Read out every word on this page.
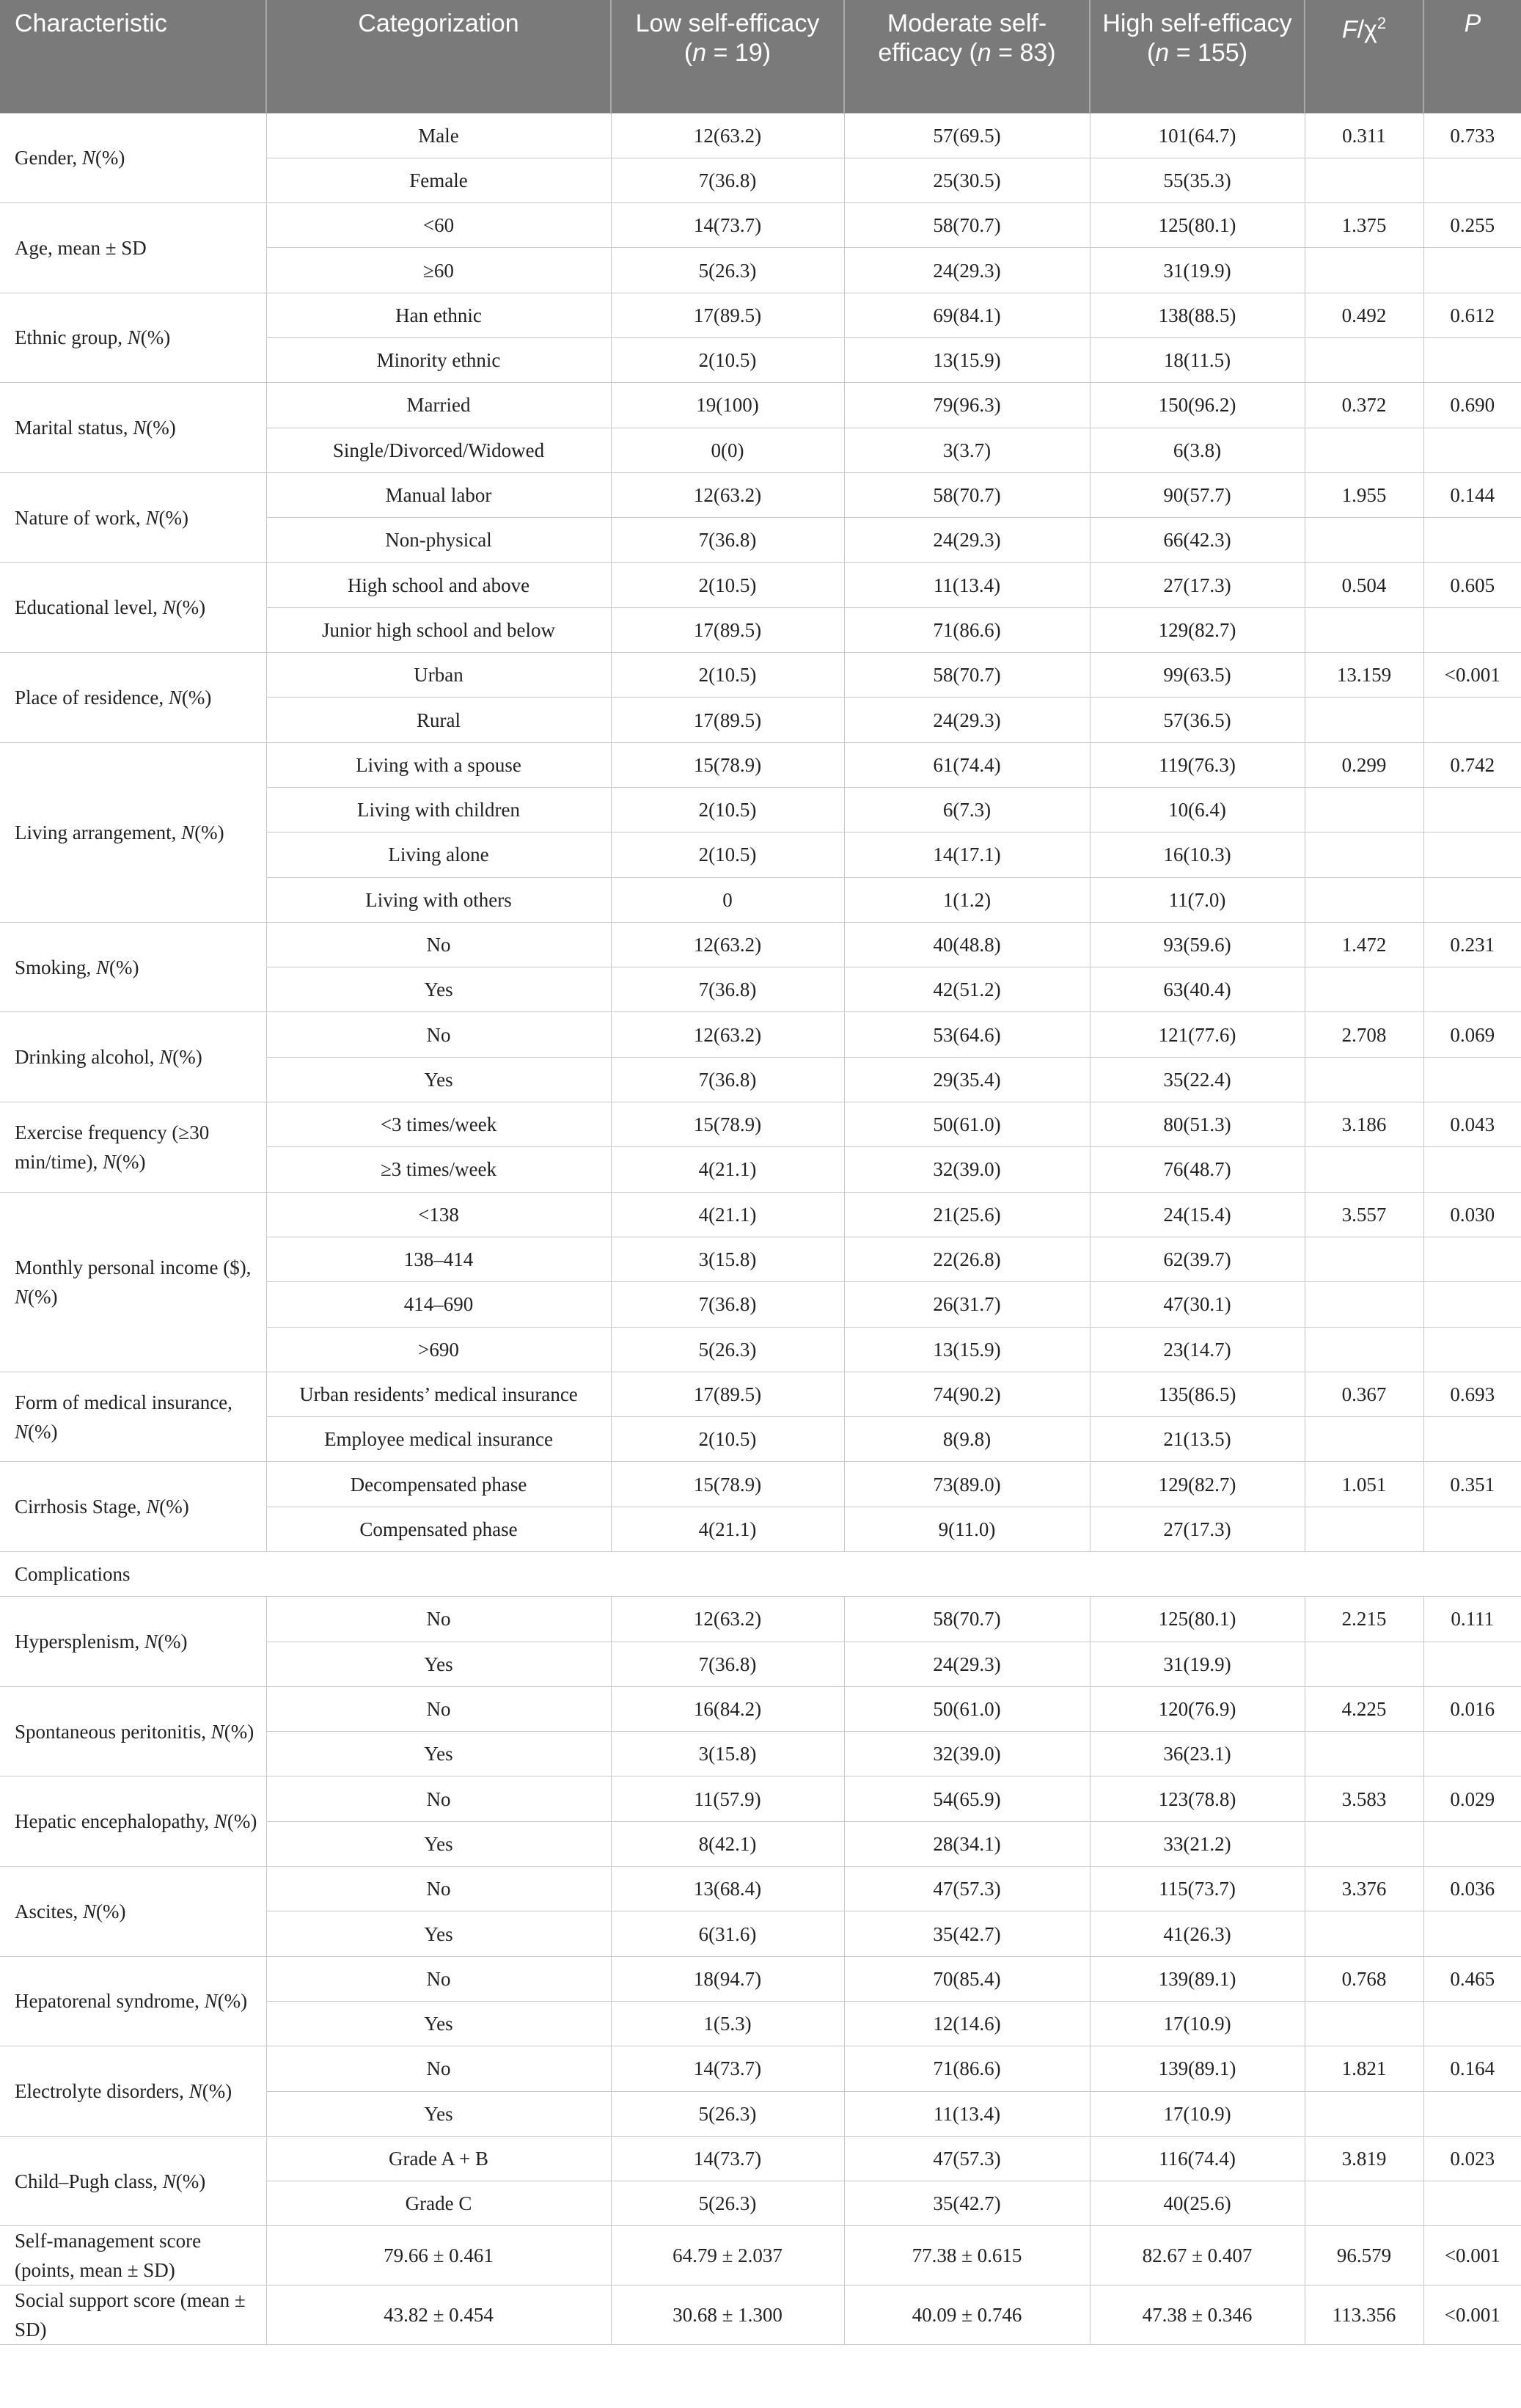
Characteristic	Categorization	Low self-efficacy (n = 19)	Moderate self-efficacy (n = 83)	High self-efficacy (n = 155)	$F/\chi^2$	P
Gender, N(%)	Male	12(63.2)	57(69.5)	101(64.7)	0.311	0.733
	Female	7(36.8)	25(30.5)	55(35.3)		
Age, mean ± SD	<60	14(73.7)	58(70.7)	125(80.1)	1.375	0.255
	≥60	5(26.3)	24(29.3)	31(19.9)		
Ethnic group, N(%)	Han ethnic	17(89.5)	69(84.1)	138(88.5)	0.492	0.612
	Minority ethnic	2(10.5)	13(15.9)	18(11.5)		
Marital status, N(%)	Married	19(100)	79(96.3)	150(96.2)	0.372	0.690
	Single/Divorced/Widowed	0(0)	3(3.7)	6(3.8)		
Nature of work, N(%)	Manual labor	12(63.2)	58(70.7)	90(57.7)	1.955	0.144
	Non-physical	7(36.8)	24(29.3)	66(42.3)		
Educational level, N(%)	High school and above	2(10.5)	11(13.4)	27(17.3)	0.504	0.605
	Junior high school and below	17(89.5)	71(86.6)	129(82.7)		
Place of residence, N(%)	Urban	2(10.5)	58(70.7)	99(63.5)	13.159	<0.001
	Rural	17(89.5)	24(29.3)	57(36.5)		
Living arrangement, N(%)	Living with a spouse	15(78.9)	61(74.4)	119(76.3)	0.299	0.742
	Living with children	2(10.5)	6(7.3)	10(6.4)		
	Living alone	2(10.5)	14(17.1)	16(10.3)		
	Living with others	0	1(1.2)	11(7.0)		
Smoking, N(%)	No	12(63.2)	40(48.8)	93(59.6)	1.472	0.231
	Yes	7(36.8)	42(51.2)	63(40.4)		
Drinking alcohol, N(%)	No	12(63.2)	53(64.6)	121(77.6)	2.708	0.069
	Yes	7(36.8)	29(35.4)	35(22.4)		
Exercise frequency (≥30 min/time), N(%)	<3 times/week	15(78.9)	50(61.0)	80(51.3)	3.186	0.043
	≥3 times/week	4(21.1)	32(39.0)	76(48.7)		
Monthly personal income ($), N(%)	<138	4(21.1)	21(25.6)	24(15.4)	3.557	0.030
	138–414	3(15.8)	22(26.8)	62(39.7)		
	414–690	7(36.8)	26(31.7)	47(30.1)		
	>690	5(26.3)	13(15.9)	23(14.7)		
Form of medical insurance, N(%)	Urban residents’ medical insurance	17(89.5)	74(90.2)	135(86.5)	0.367	0.693
	Employee medical insurance	2(10.5)	8(9.8)	21(13.5)		
Cirrhosis Stage, N(%)	Decompensated phase	15(78.9)	73(89.0)	129(82.7)	1.051	0.351
	Compensated phase	4(21.1)	9(11.0)	27(17.3)		
Complications						
Hypersplenism, N(%)	No	12(63.2)	58(70.7)	125(80.1)	2.215	0.111
	Yes	7(36.8)	24(29.3)	31(19.9)		
Spontaneous peritonitis, N(%)	No	16(84.2)	50(61.0)	120(76.9)	4.225	0.016
	Yes	3(15.8)	32(39.0)	36(23.1)		
Hepatic encephalopathy, N(%)	No	11(57.9)	54(65.9)	123(78.8)	3.583	0.029
	Yes	8(42.1)	28(34.1)	33(21.2)		
Ascites, N(%)	No	13(68.4)	47(57.3)	115(73.7)	3.376	0.036
	Yes	6(31.6)	35(42.7)	41(26.3)		
Hepatorenal syndrome, N(%)	No	18(94.7)	70(85.4)	139(89.1)	0.768	0.465
	Yes	1(5.3)	12(14.6)	17(10.9)		
Electrolyte disorders, N(%)	No	14(73.7)	71(86.6)	139(89.1)	1.821	0.164
	Yes	5(26.3)	11(13.4)	17(10.9)		
Child–Pugh class, N(%)	Grade A + B	14(73.7)	47(57.3)	116(74.4)	3.819	0.023
	Grade C	5(26.3)	35(42.7)	40(25.6)		
Self-management score (points, mean ± SD)	79.66 ± 0.461	64.79 ± 2.037	77.38 ± 0.615	82.67 ± 0.407	96.579	<0.001
Social support score (mean ± SD)	43.82 ± 0.454	30.68 ± 1.300	40.09 ± 0.746	47.38 ± 0.346	113.356	<0.001
